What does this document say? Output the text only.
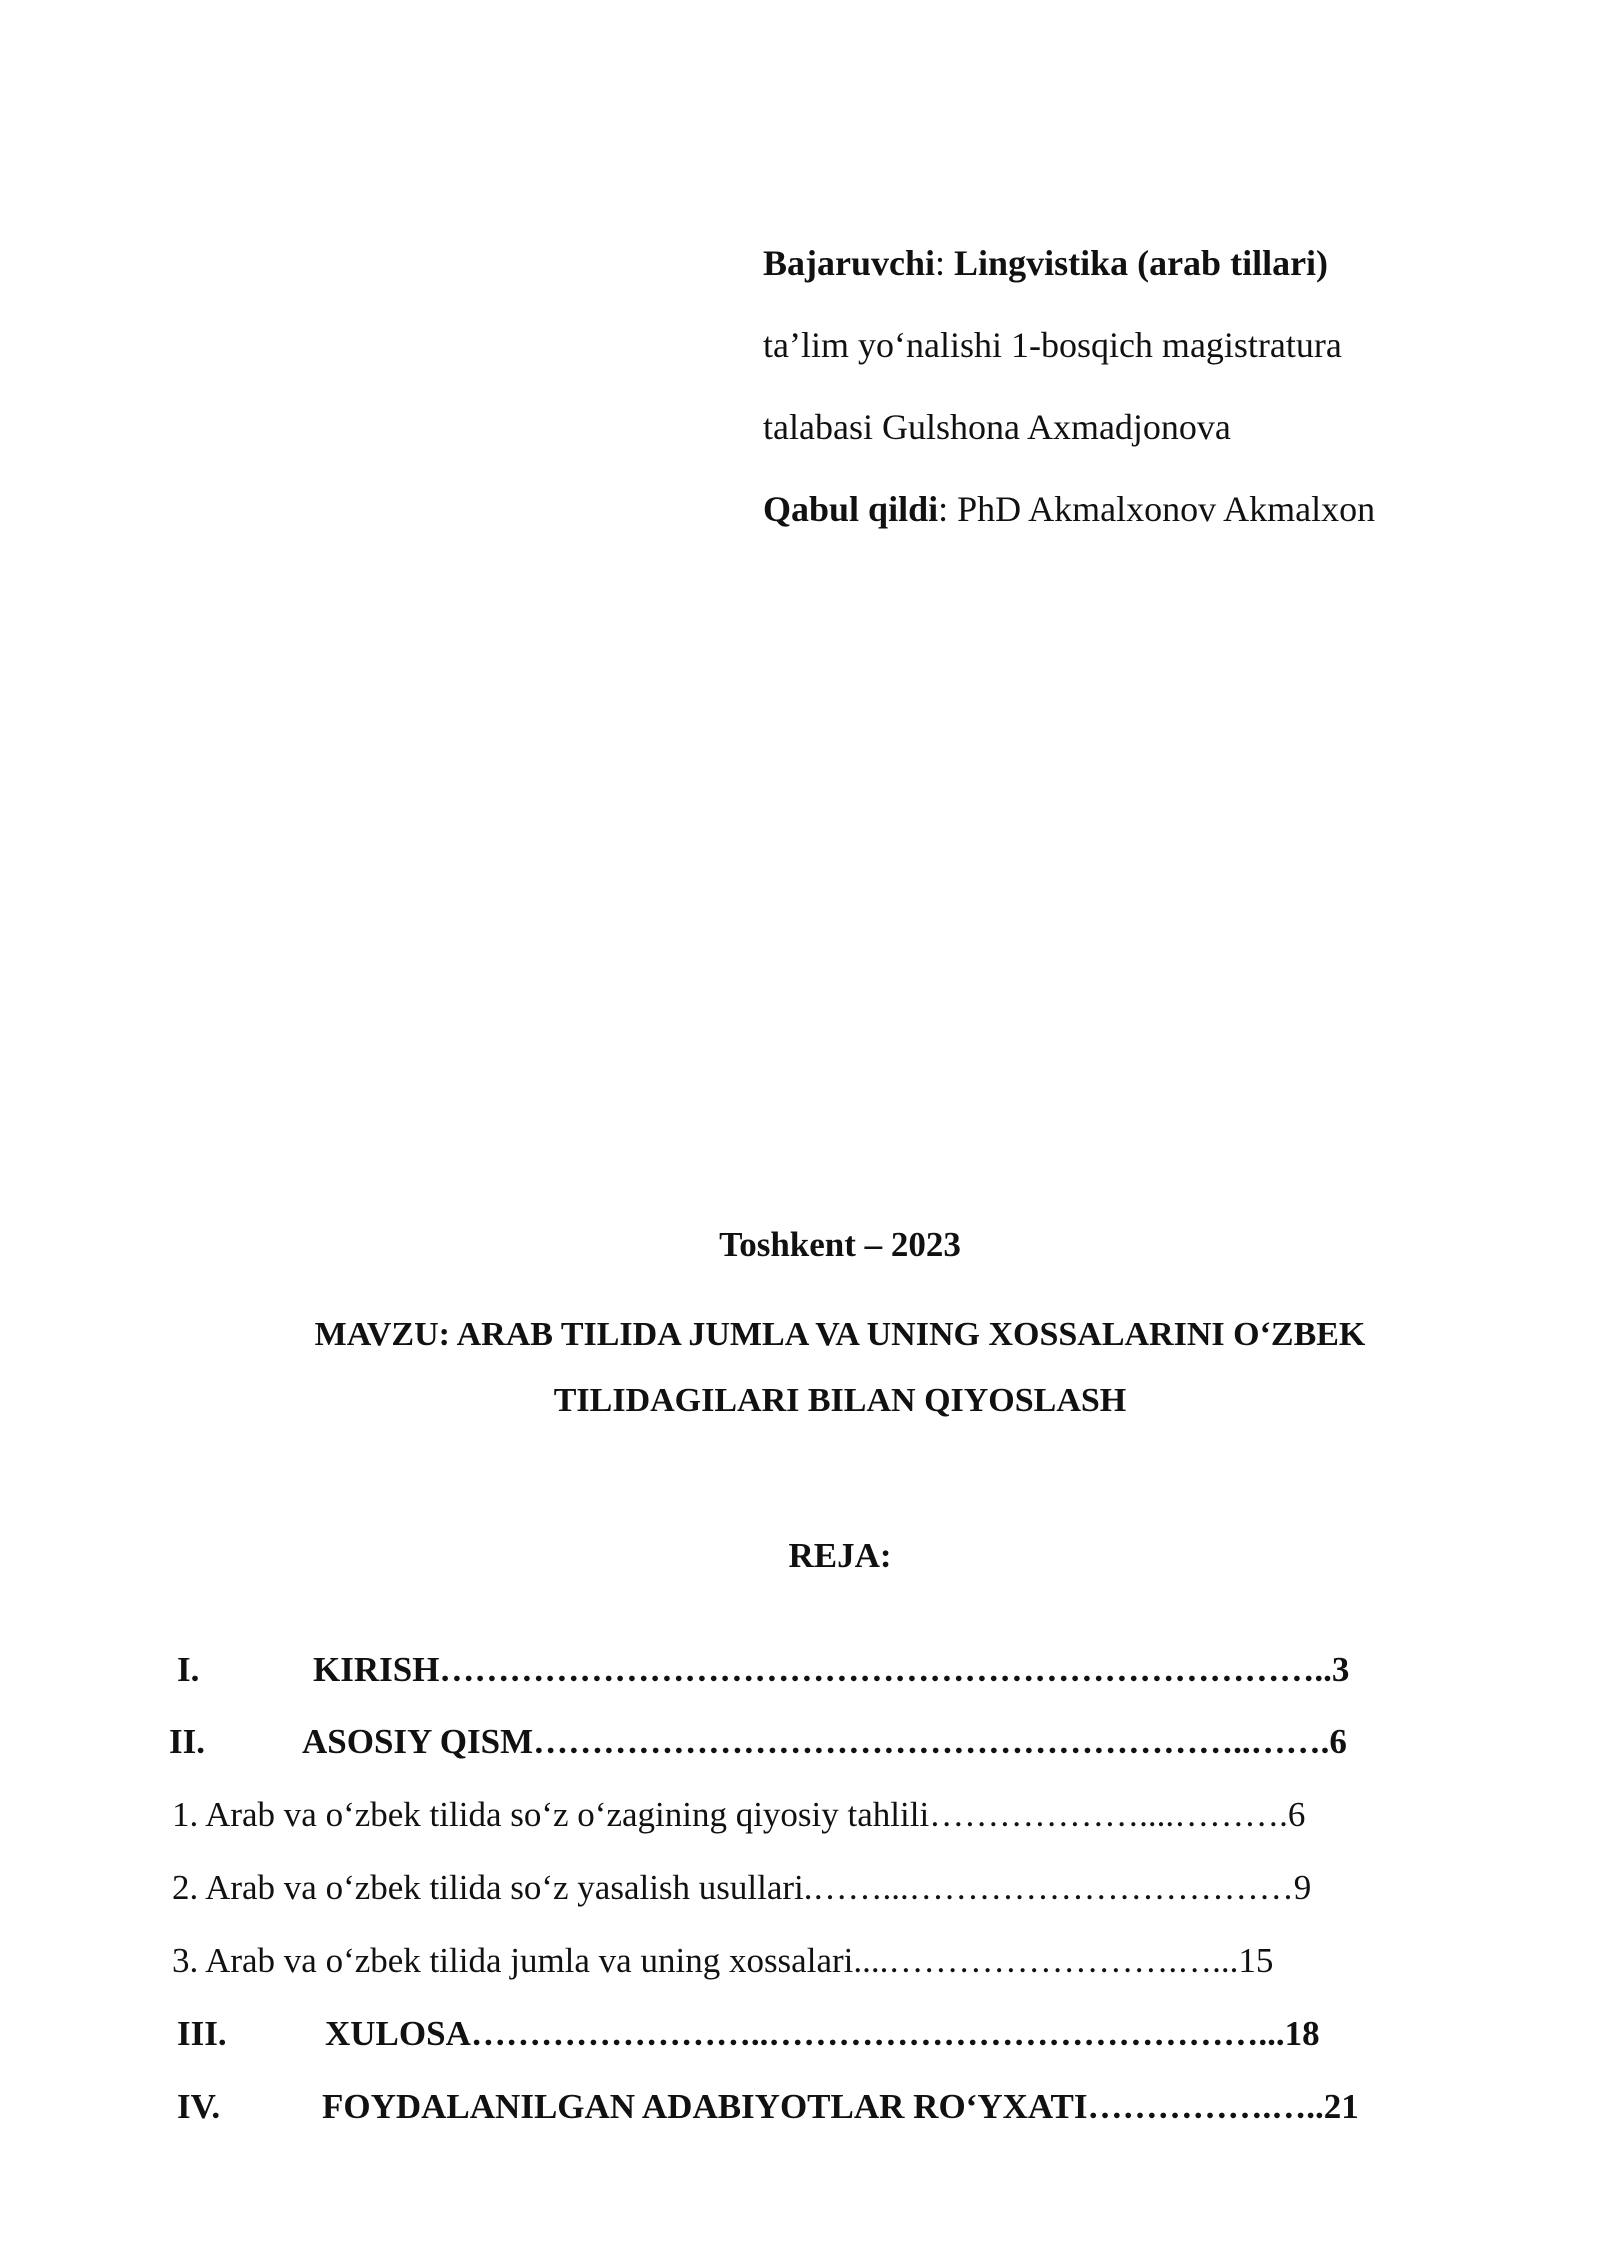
Bajaruvchi: Lingvistika (arab tillari)

ta’lim yo‘nalishi 1-bosqich magistratura

talabasi Gulshona Axmadjonova

Qabul qildi: PhD Akmalxonov Akmalxon

Toshkent – 2023
MAVZU: ARAB TILIDA JUMLA VA UNING XOSSALARINI O‘ZBEK
TILIDAGILARI BILAN QIYOSLASH
REJA:
I.	KIRISH…………………………………………………………………..3
II.	ASOSIY QISM……………………………………………………..…….6
1. Arab va o‘zbek tilida so‘z o‘zagining qiyosiy tahlili………………....……….6
2. Arab va o‘zbek tilida so‘z yasalish usullari.……...……………………………9
3. Arab va o‘zbek tilida jumla va uning xossalari....…………………….…...15
III.	XULOSA……………………..……………………………………...18
IV.	FOYDALANILGAN ADABIYOTLAR RO‘YXATI…………….…..21
